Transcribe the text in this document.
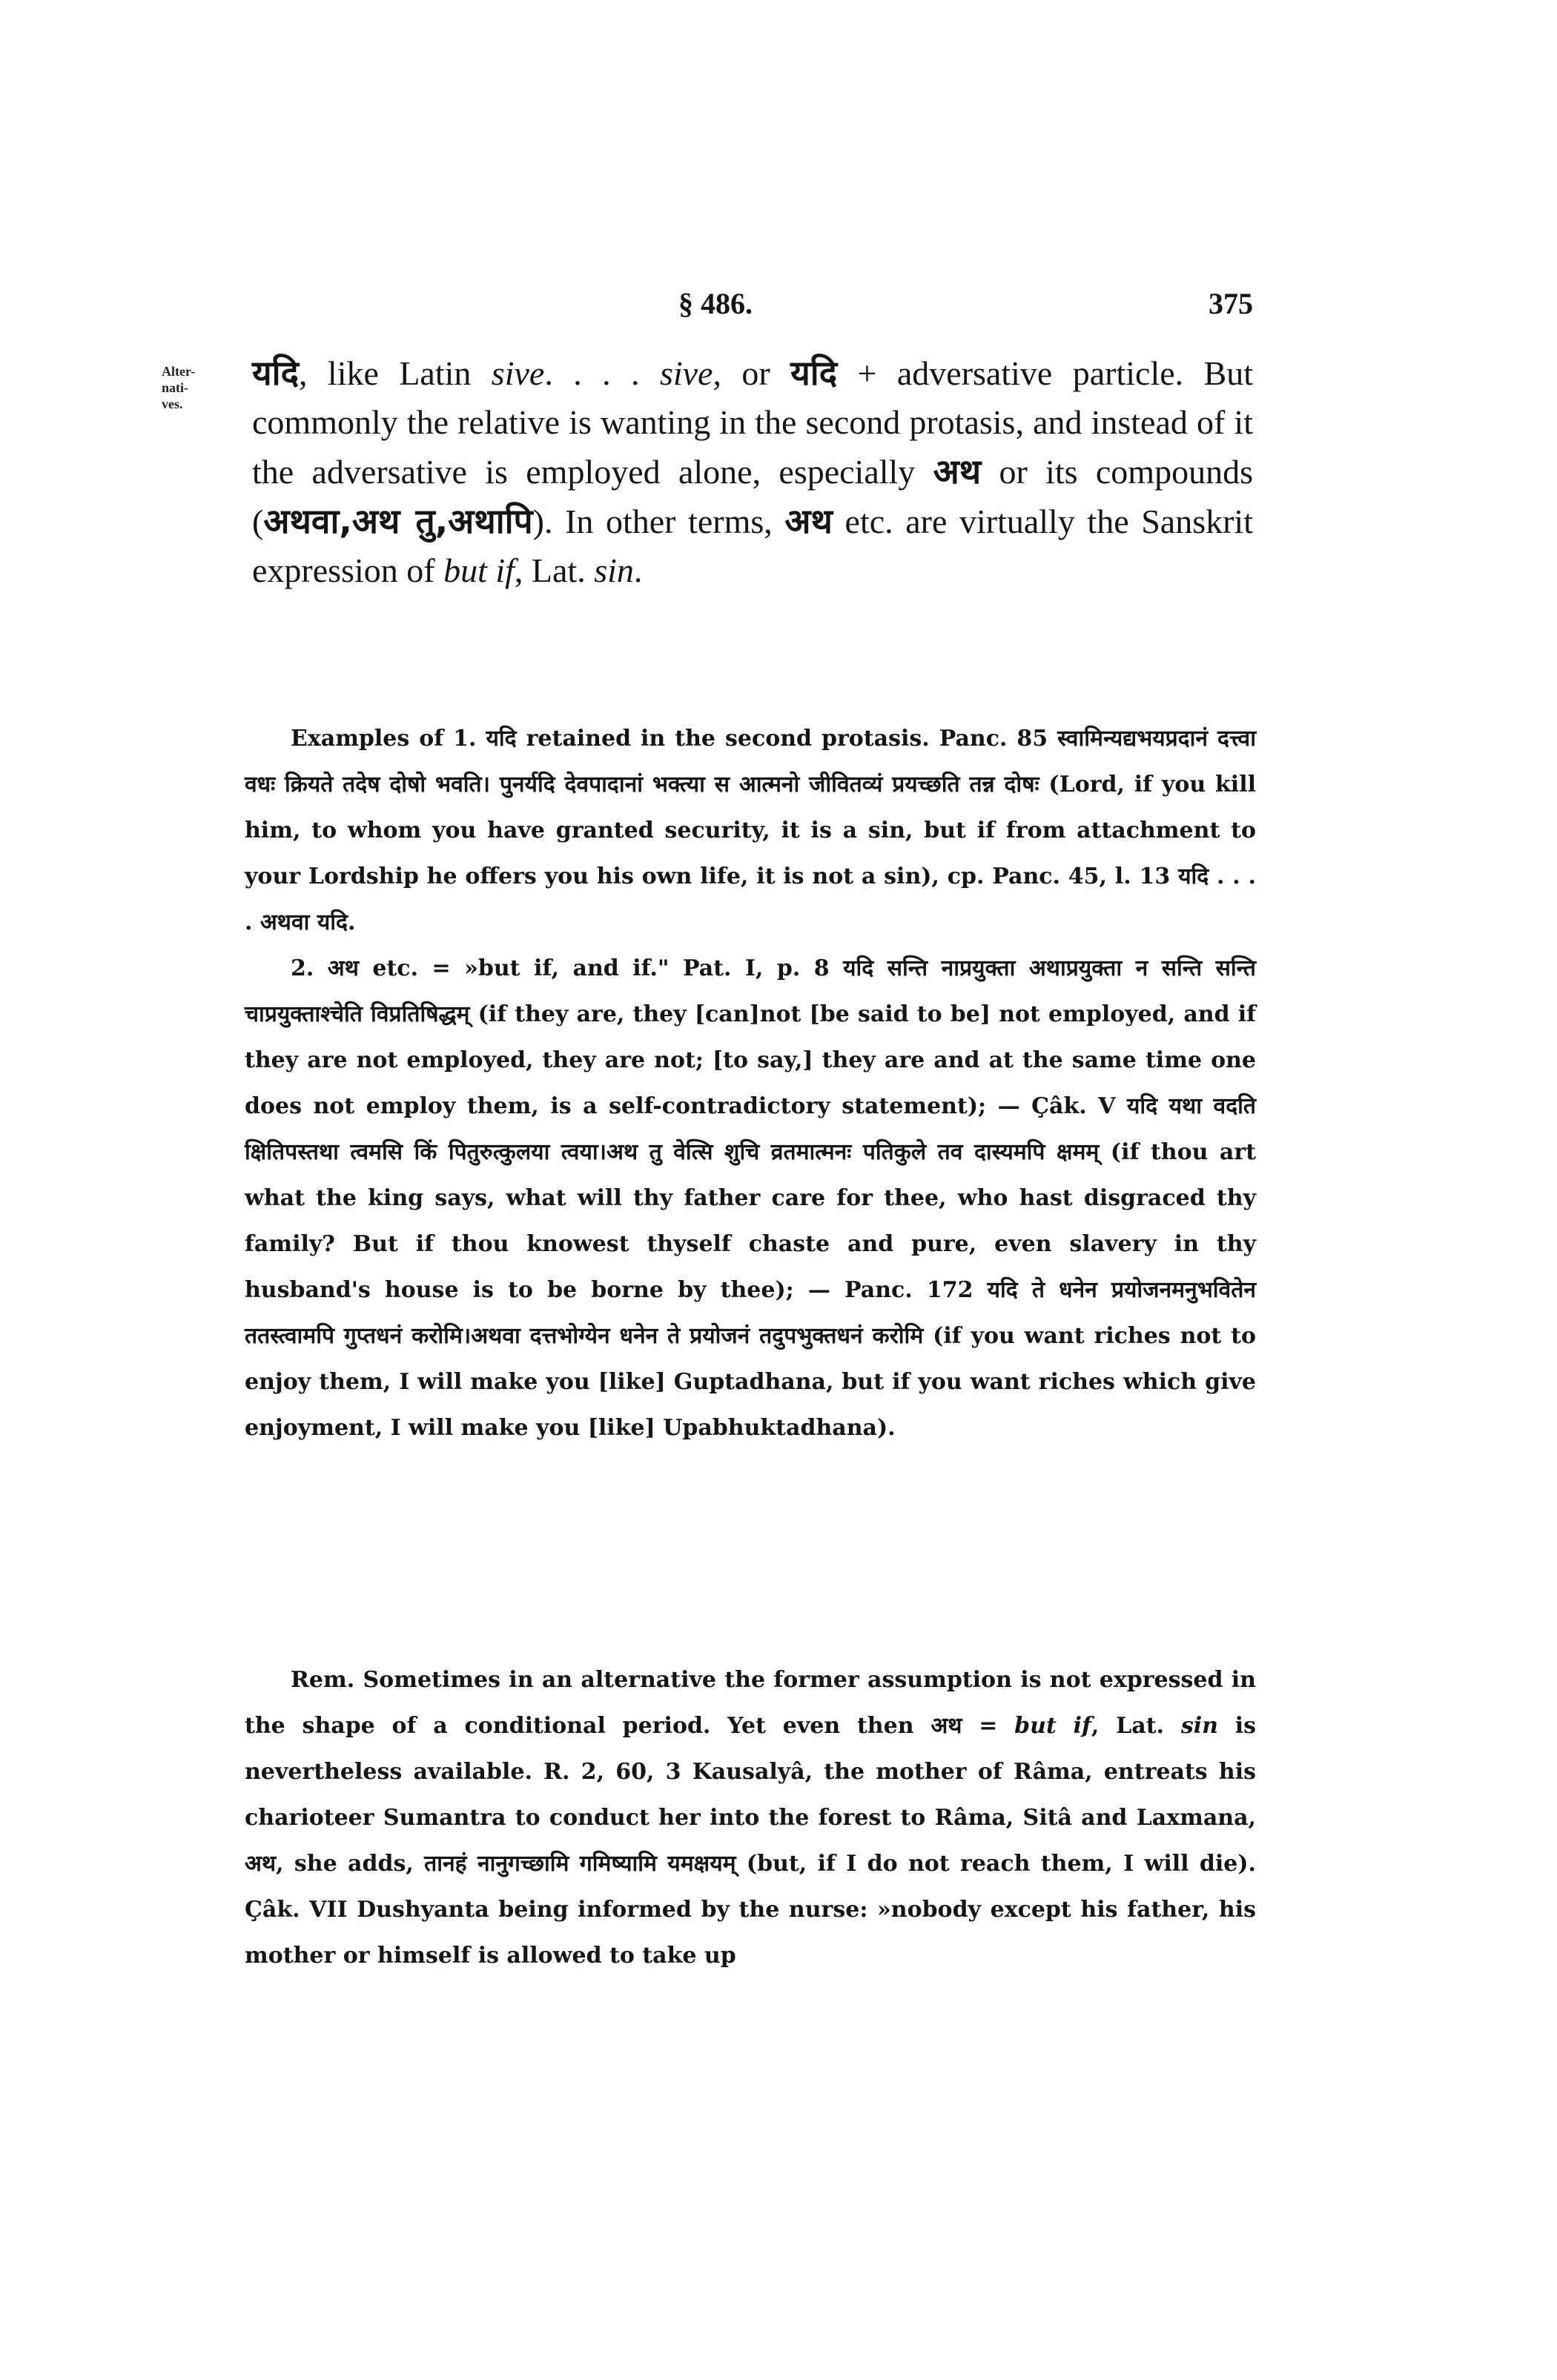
§ 486.	375
Alter-
nati-
ves.

यदि, like Latin sive. . . . sive, or यदि + adversative particle. But commonly the relative is wanting in the second protasis, and instead of it the adversative is employed alone, especially अथ or its compounds (अथवा,अथ तु,अथापि). In other terms, अथ etc. are virtually the Sanskrit expression of but if, Lat. sin.

Examples of 1. यदि retained in the second protasis. Panc. 85 स्वामिन्यद्यभयप्रदानं दत्त्वा वधः क्रियते तदेष दोषो भवति। पुनर्यदि देवपादानां भक्त्या स आत्मनो जीवितव्यं प्रयच्छति तन्न दोषः (Lord, if you kill him, to whom you have granted security, it is a sin, but if from attachment to your Lordship he offers you his own life, it is not a sin), cp. Panc. 45, l. 13 यदि . . . . अथवा यदि.

2. अथ etc. = »but if, and if." Pat. I, p. 8 यदि सन्ति नाप्रयुक्ता अथाप्रयुक्ता न सन्ति सन्ति चाप्रयुक्ताश्चेति विप्रतिषिद्धम् (if they are, they [can]not [be said to be] not employed, and if they are not employed, they are not; [to say,] they are and at the same time one does not employ them, is a self-contradictory statement); — Çâk. V यदि यथा वदति क्षितिपस्तथा त्वमसि किं पितुरुत्कुलया त्वया।अथ तु वेत्सि शुचि व्रतमात्मनः पतिकुले तव दास्यमपि क्षमम् (if thou art what the king says, what will thy father care for thee, who hast disgraced thy family? But if thou knowest thyself chaste and pure, even slavery in thy husband's house is to be borne by thee); — Panc. 172 यदि ते धनेन प्रयोजनमनुभवितेन ततस्त्वामपि गुप्तधनं करोमि।अथवा दत्तभोग्येन धनेन ते प्रयोजनं तदुपभुक्तधनं करोमि (if you want riches not to enjoy them, I will make you [like] Guptadhana, but if you want riches which give enjoyment, I will make you [like] Upabhuktadhana).

Rem. Sometimes in an alternative the former assumption is not expressed in the shape of a conditional period. Yet even then अथ = but if, Lat. sin is nevertheless available. R. 2, 60, 3 Kausalyâ, the mother of Râma, entreats his charioteer Sumantra to conduct her into the forest to Râma, Sitâ and Laxmana, अथ, she adds, तानहं नानुगच्छामि गमिष्यामि यमक्षयम् (but, if I do not reach them, I will die). Çâk. VII Dushyanta being informed by the nurse: »nobody except his father, his mother or himself is allowed to take up
